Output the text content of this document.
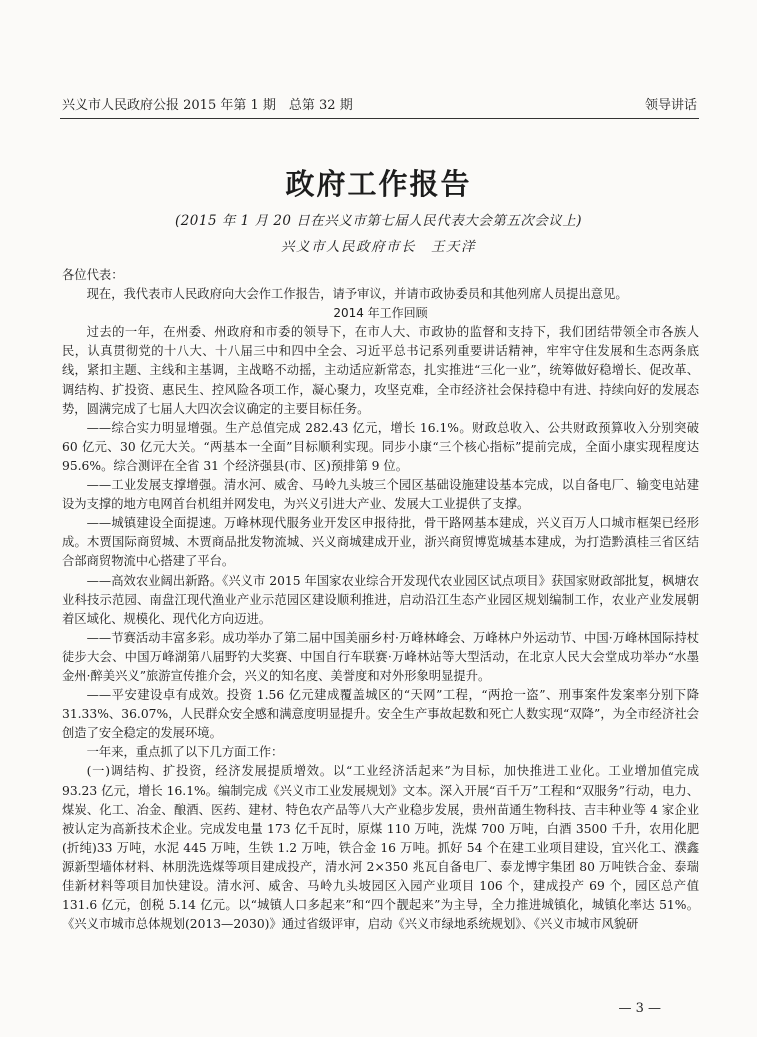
兴义市人民政府公报 2015 年第 1 期　总第 32 期	领导讲话
政府工作报告
(2015 年 1 月 20 日在兴义市第七届人民代表大会第五次会议上)
兴义市人民政府市长　王天洋

各位代表：

现在，我代表市人民政府向大会作工作报告，请予审议，并请市政协委员和其他列席人员提出意见。

2014 年工作回顾

过去的一年，在州委、州政府和市委的领导下，在市人大、市政协的监督和支持下，我们团结带领全市各族人民，认真贯彻党的十八大、十八届三中和四中全会、习近平总书记系列重要讲话精神，牢牢守住发展和生态两条底线，紧扣主题、主线和主基调，主战略不动摇，主动适应新常态，扎实推进“三化一业”，统筹做好稳增长、促改革、调结构、扩投资、惠民生、控风险各项工作，凝心聚力，攻坚克难，全市经济社会保持稳中有进、持续向好的发展态势，圆满完成了七届人大四次会议确定的主要目标任务。

——综合实力明显增强。生产总值完成 282.43 亿元，增长 16.1%。财政总收入、公共财政预算收入分别突破 60 亿元、30 亿元大关。“两基本一全面”目标顺利实现。同步小康“三个核心指标”提前完成，全面小康实现程度达 95.6%。综合测评在全省 31 个经济强县(市、区)预排第 9 位。

——工业发展支撑增强。清水河、威舍、马岭九头坡三个园区基础设施建设基本完成，以自备电厂、输变电站建设为支撑的地方电网首台机组并网发电，为兴义引进大产业、发展大工业提供了支撑。

——城镇建设全面提速。万峰林现代服务业开发区申报待批，骨干路网基本建成，兴义百万人口城市框架已经形成。木贾国际商贸城、木贾商品批发物流城、兴义商城建成开业，浙兴商贸博览城基本建成，为打造黔滇桂三省区结合部商贸物流中心搭建了平台。

——高效农业阔出新路。《兴义市 2015 年国家农业综合开发现代农业园区试点项目》获国家财政部批复，枫塘农业科技示范园、南盘江现代渔业产业示范园区建设顺利推进，启动沿江生态产业园区规划编制工作，农业产业发展朝着区域化、规模化、现代化方向迈进。

——节赛活动丰富多彩。成功举办了第二届中国美丽乡村·万峰林峰会、万峰林户外运动节、中国·万峰林国际持杖徒步大会、中国万峰湖第八届野钓大奖赛、中国自行车联赛·万峰林站等大型活动，在北京人民大会堂成功举办“水墨金州·醉美兴义”旅游宣传推介会，兴义的知名度、美誉度和对外形象明显提升。

——平安建设卓有成效。投资 1.56 亿元建成覆盖城区的“天网”工程，“两抢一盗”、刑事案件发案率分别下降 31.33%、36.07%，人民群众安全感和满意度明显提升。安全生产事故起数和死亡人数实现“双降”，为全市经济社会创造了安全稳定的发展环境。

一年来，重点抓了以下几方面工作：

(一)调结构、扩投资，经济发展提质增效。以“工业经济活起来”为目标，加快推进工业化。工业增加值完成 93.23 亿元，增长 16.1%。编制完成《兴义市工业发展规划》文本。深入开展“百千万”工程和“双服务”行动，电力、煤炭、化工、冶金、酿酒、医药、建材、特色农产品等八大产业稳步发展，贵州苗通生物科技、吉丰种业等 4 家企业被认定为高新技术企业。完成发电量 173 亿千瓦时，原煤 110 万吨，洗煤 700 万吨，白酒 3500 千升，农用化肥(折纯)33 万吨，水泥 445 万吨，生铁 1.2 万吨，铁合金 16 万吨。抓好 54 个在建工业项目建设，宜兴化工、濮鑫源新型墙体材料、林朋洗选煤等项目建成投产，清水河 2×350 兆瓦自备电厂、泰龙博宇集团 80 万吨铁合金、泰瑞佳新材料等项目加快建设。清水河、威舍、马岭九头坡园区入园产业项目 106 个，建成投产 69 个，园区总产值 131.6 亿元，创税 5.14 亿元。以“城镇人口多起来”和“四个靓起来”为主导，全力推进城镇化，城镇化率达 51%。《兴义市城市总体规划(2013—2030)》通过省级评审，启动《兴义市绿地系统规划》、《兴义市城市风貌研

— 3 —
